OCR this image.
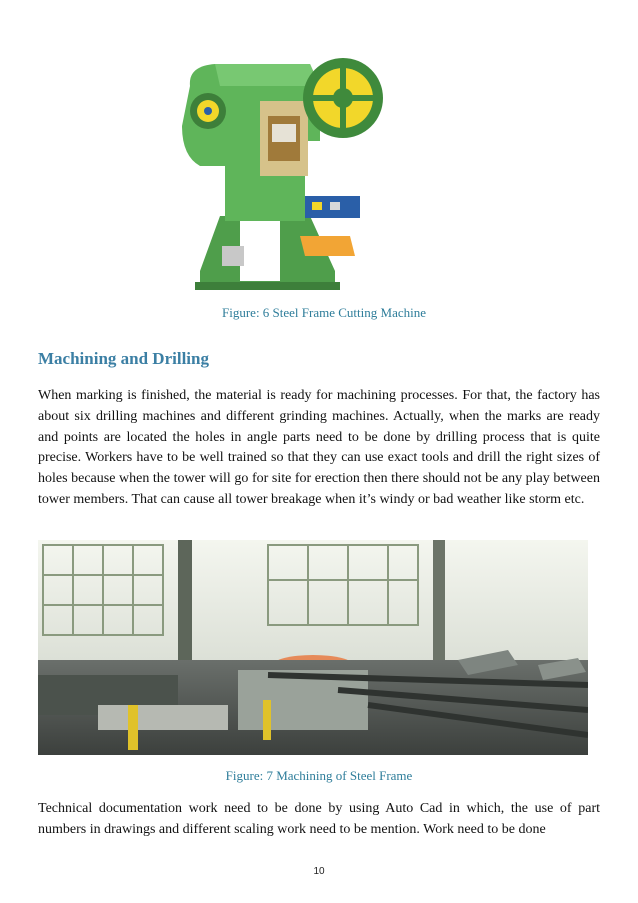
Figure: 6 Steel Frame Cutting Machine
Machining and Drilling

When marking is finished, the material is ready for machining processes. For that, the factory has about six drilling machines and different grinding machines. Actually, when the marks are ready and points are located the holes in angle parts need to be done by drilling process that is quite precise. Workers have to be well trained so that they can use exact tools and drill the right sizes of holes because when the tower will go for site for erection then there should not be any play between tower members. That can cause all tower breakage when it’s windy or bad weather like storm etc.

Figure: 7 Machining of Steel Frame

Technical documentation work need to be done by using Auto Cad in which, the use of part numbers in drawings and different scaling work need to be mention. Work need to be done

10
